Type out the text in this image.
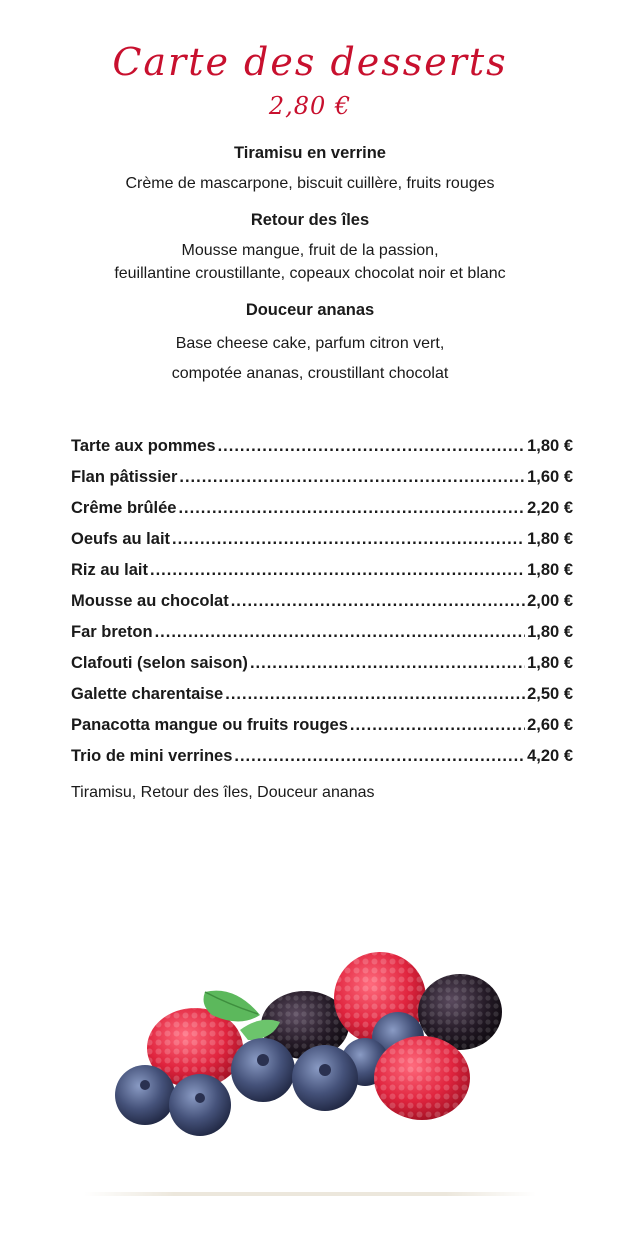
Carte des desserts
2,80 €
Tiramisu en verrine
Crème de mascarpone, biscuit cuillère, fruits rouges
Retour des îles
Mousse mangue, fruit de la passion,
feuillantine croustillante, copeaux chocolat noir et blanc
Douceur ananas
Base cheese cake, parfum citron vert,
compotée ananas, croustillant chocolat
Tarte aux pommes .....	1,80 €
Flan pâtissier .....	1,60 €
Crême brûlée .....	2,20 €
Oeufs au lait .....	1,80 €
Riz au lait .....	1,80 €
Mousse au chocolat .....	2,00 €
Far breton .....	1,80 €
Clafouti (selon saison) .....	1,80 €
Galette charentaise .....	2,50 €
Panacotta mangue ou fruits rouges .....	2,60 €
Trio de mini verrines .....	4,20 €
Tiramisu, Retour des îles, Douceur ananas
